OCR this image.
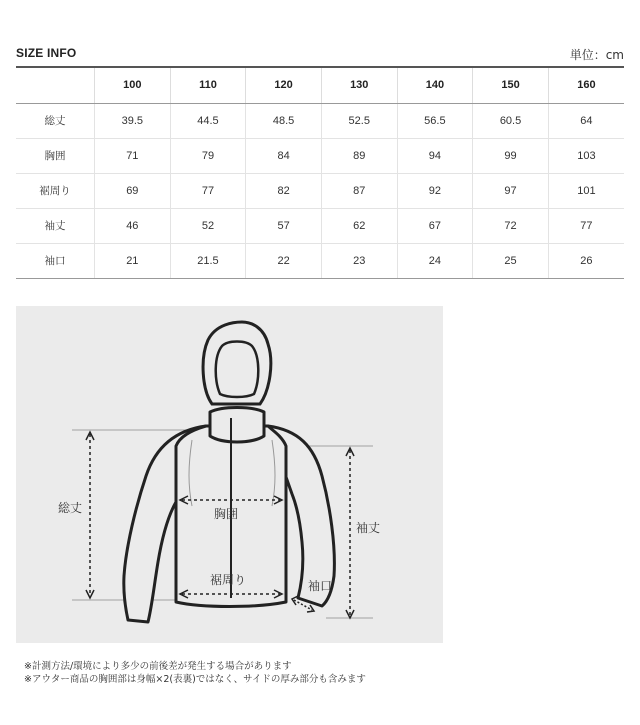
SIZE INFO	単位：cm
	100	110	120	130	140	150	160
総丈	39.5	44.5	48.5	52.5	56.5	60.5	64
胸囲	71	79	84	89	94	99	103
裾周り	69	77	82	87	92	97	101
袖丈	46	52	57	62	67	72	77
袖口	21	21.5	22	23	24	25	26
総丈	胸囲
裾周り
袖丈
袖口
※計測方法/環境により多少の前後差が発生する場合があります
※アウター商品の胸囲部は身幅×2(表裏)ではなく、サイドの厚み部分も含みます
